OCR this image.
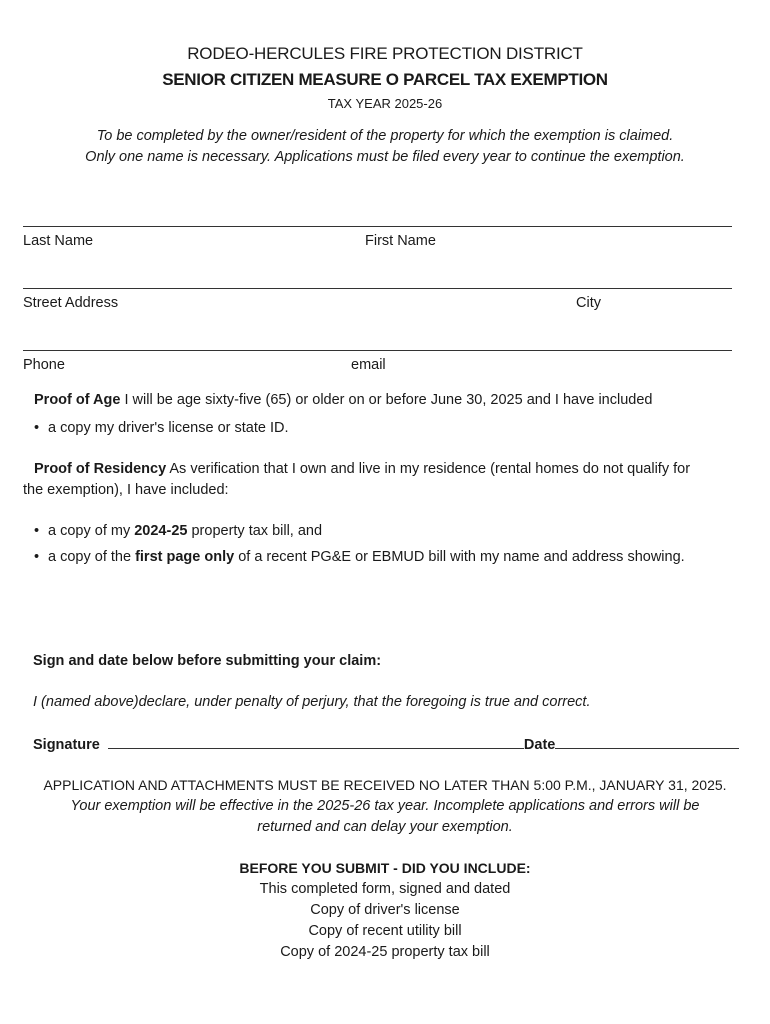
RODEO-HERCULES FIRE PROTECTION DISTRICT
SENIOR CITIZEN MEASURE O PARCEL TAX EXEMPTION
TAX YEAR 2025-26
To be completed by the owner/resident of the property for which the exemption is claimed.
Only one name is necessary. Applications must be filed every year to continue the exemption.
Last Name	First Name
Street Address	City
Phone	email
Proof of Age I will be age sixty-five (65) or older on or before June 30, 2025 and I have included
• a copy my driver's license or state ID.
Proof of Residency As verification that I own and live in my residence (rental homes do not qualify for
the exemption), I have included:
• a copy of my 2024-25 property tax bill, and
• a copy of the first page only of a recent PG&E or EBMUD bill with my name and address showing.
Sign and date below before submitting your claim:
I (named above)declare, under penalty of perjury, that the foregoing is true and correct.
Signature	Date
APPLICATION AND ATTACHMENTS MUST BE RECEIVED NO LATER THAN 5:00 P.M., JANUARY 31, 2025.
Your exemption will be effective in the 2025-26 tax year. Incomplete applications and errors will be
returned and can delay your exemption.
BEFORE YOU SUBMIT - DID YOU INCLUDE:
This completed form, signed and dated
Copy of driver's license
Copy of recent utility bill
Copy of 2024-25 property tax bill
